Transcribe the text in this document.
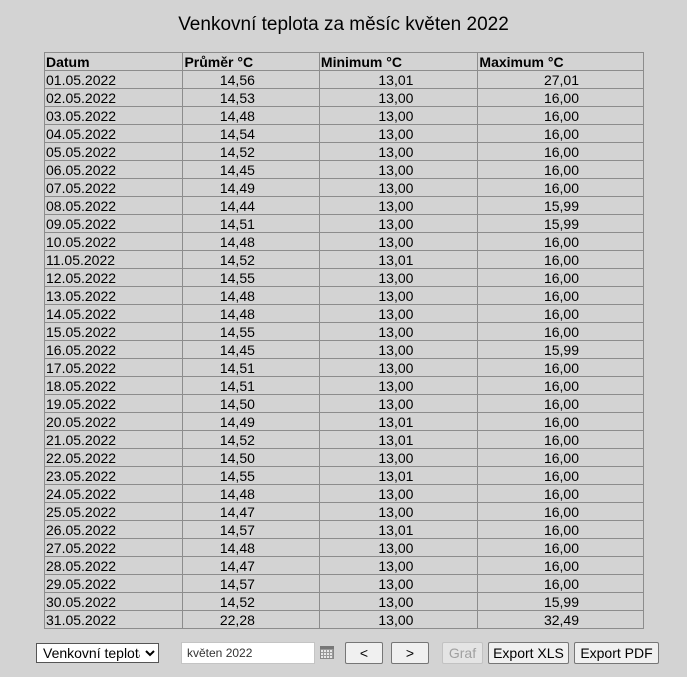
Venkovní teplota za měsíc květen 2022
Datum	Průměr °C	Minimum °C	Maximum °C
01.05.2022	14,56	13,01	27,01
02.05.2022	14,53	13,00	16,00
03.05.2022	14,48	13,00	16,00
04.05.2022	14,54	13,00	16,00
05.05.2022	14,52	13,00	16,00
06.05.2022	14,45	13,00	16,00
07.05.2022	14,49	13,00	16,00
08.05.2022	14,44	13,00	15,99
09.05.2022	14,51	13,00	15,99
10.05.2022	14,48	13,00	16,00
11.05.2022	14,52	13,01	16,00
12.05.2022	14,55	13,00	16,00
13.05.2022	14,48	13,00	16,00
14.05.2022	14,48	13,00	16,00
15.05.2022	14,55	13,00	16,00
16.05.2022	14,45	13,00	15,99
17.05.2022	14,51	13,00	16,00
18.05.2022	14,51	13,00	16,00
19.05.2022	14,50	13,00	16,00
20.05.2022	14,49	13,01	16,00
21.05.2022	14,52	13,01	16,00
22.05.2022	14,50	13,00	16,00
23.05.2022	14,55	13,01	16,00
24.05.2022	14,48	13,00	16,00
25.05.2022	14,47	13,00	16,00
26.05.2022	14,57	13,01	16,00
27.05.2022	14,48	13,00	16,00
28.05.2022	14,47	13,00	16,00
29.05.2022	14,57	13,00	16,00
30.05.2022	14,52	13,00	15,99
31.05.2022	22,28	13,00	32,49
Venkovní teplota
květen 2022
<	>	Graf	Export XLS	Export PDF
